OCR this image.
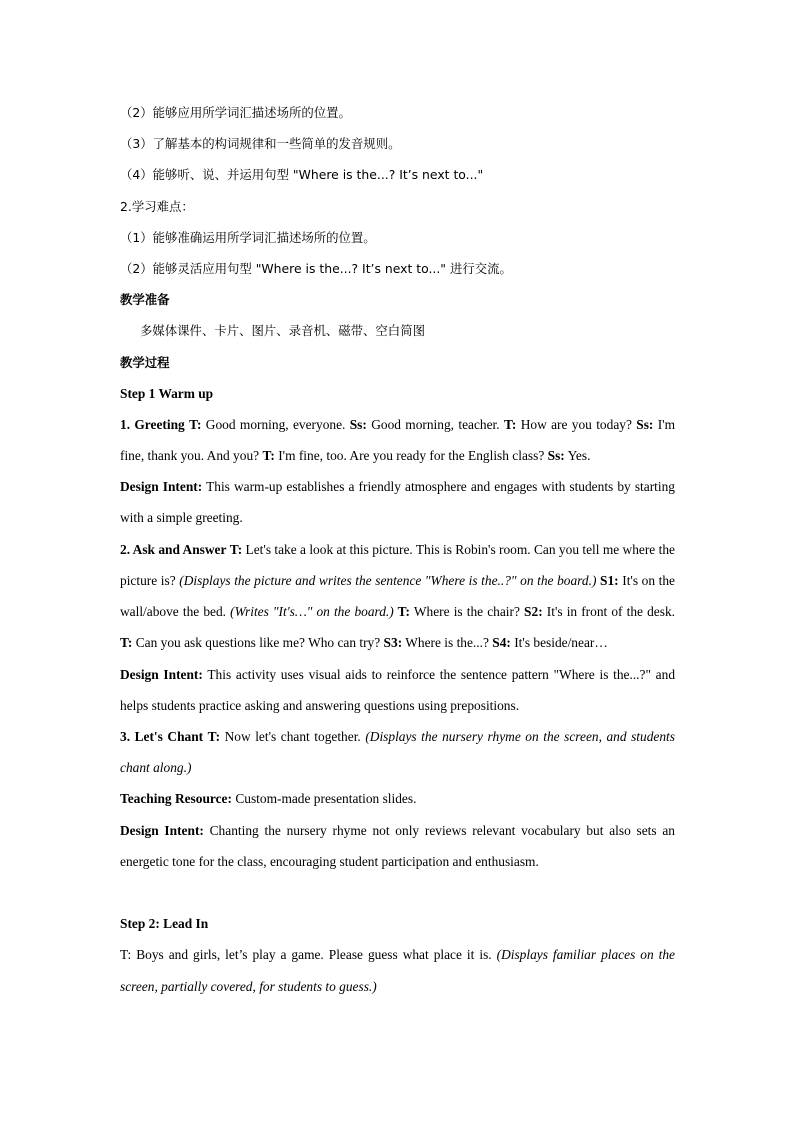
（2）能够应用所学词汇描述场所的位置。
（3）了解基本的构词规律和一些简单的发音规则。
（4）能够听、说、并运用句型 "Where is the...? It’s next to..."
2.学习难点：
（1）能够准确运用所学词汇描述场所的位置。
（2）能够灵活应用句型 "Where is the...? It’s next to..." 进行交流。
教学准备
多媒体课件、卡片、图片、录音机、磁带、空白简图
教学过程
Step 1 Warm up

1. Greeting T: Good morning, everyone. Ss: Good morning, teacher. T: How are you today? Ss: I'm fine, thank you. And you? T: I'm fine, too. Are you ready for the English class? Ss: Yes.

Design Intent: This warm-up establishes a friendly atmosphere and engages with students by starting with a simple greeting.

2. Ask and Answer T: Let's take a look at this picture. This is Robin's room. Can you tell me where the picture is? (Displays the picture and writes the sentence "Where is the..?" on the board.) S1: It's on the wall/above the bed. (Writes "It's…" on the board.) T: Where is the chair? S2: It's in front of the desk. T: Can you ask questions like me? Who can try? S3: Where is the...? S4: It's beside/near…

Design Intent: This activity uses visual aids to reinforce the sentence pattern "Where is the...?" and helps students practice asking and answering questions using prepositions.

3. Let's Chant T: Now let's chant together. (Displays the nursery rhyme on the screen, and students chant along.)

Teaching Resource: Custom-made presentation slides.

Design Intent: Chanting the nursery rhyme not only reviews relevant vocabulary but also sets an energetic tone for the class, encouraging student participation and enthusiasm.

Step 2: Lead In

T: Boys and girls, let’s play a game. Please guess what place it is. (Displays familiar places on the screen, partially covered, for students to guess.)
